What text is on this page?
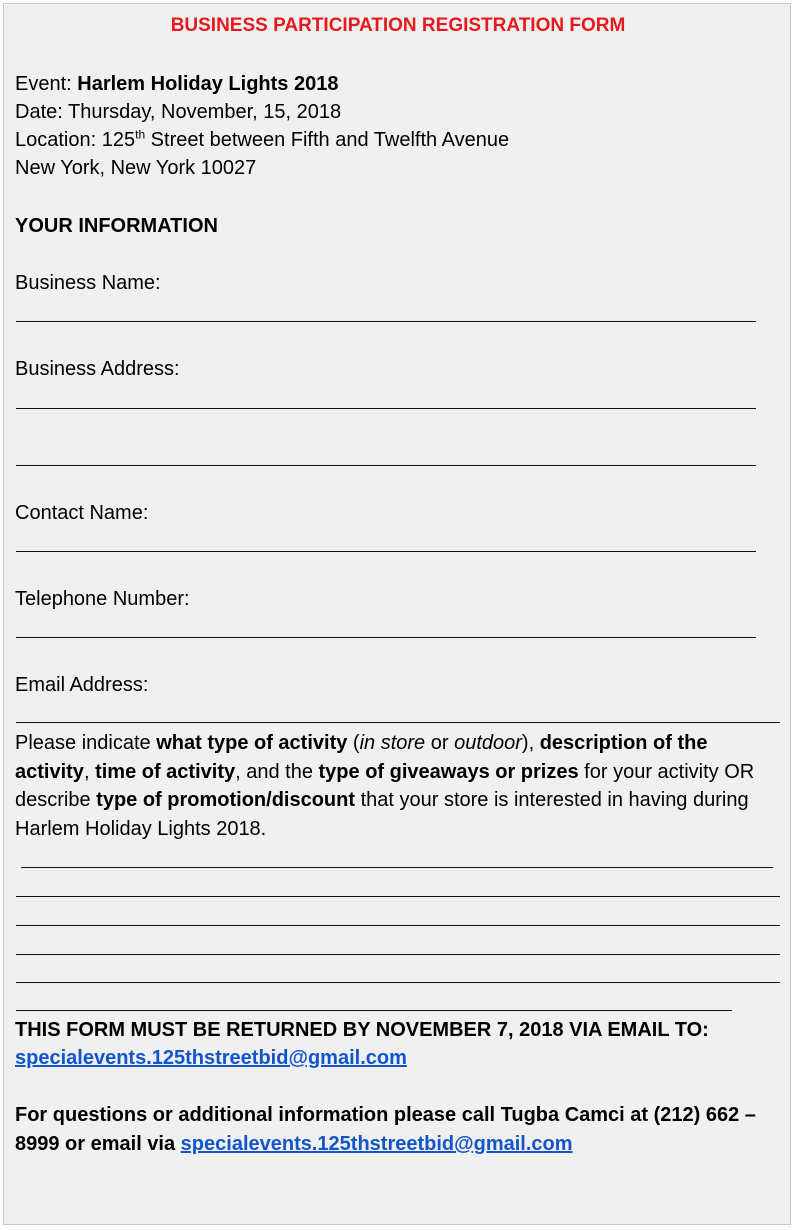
BUSINESS PARTICIPATION REGISTRATION FORM
Event: Harlem Holiday Lights 2018
Date: Thursday, November, 15, 2018
Location: 125th Street between Fifth and Twelfth Avenue
New York, New York 10027
YOUR INFORMATION
Business Name:
Business Address:
Contact Name:
Telephone Number:
Email Address:
Please indicate what type of activity (in store or outdoor), description of the activity, time of activity, and the type of giveaways or prizes for your activity OR describe type of promotion/discount that your store is interested in having during Harlem Holiday Lights 2018.
THIS FORM MUST BE RETURNED BY NOVEMBER 7, 2018 VIA EMAIL TO:
specialevents.125thstreetbid@gmail.com
For questions or additional information please call Tugba Camci at (212) 662 – 8999 or email via specialevents.125thstreetbid@gmail.com
